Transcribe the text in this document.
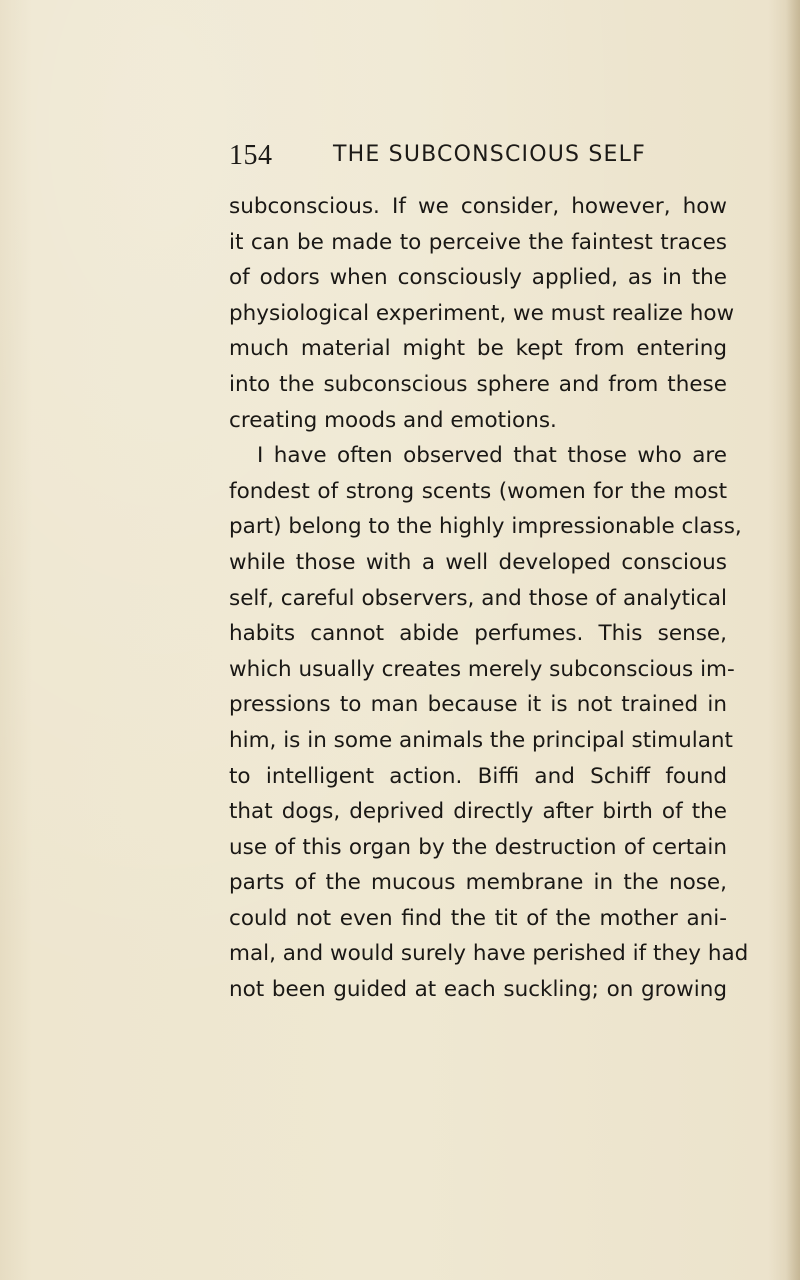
154	THE SUBCONSCIOUS SELF
subconscious. If we consider, however, how
it can be made to perceive the faintest traces
of odors when consciously applied, as in the
physiological experiment, we must realize how
much material might be kept from entering
into the subconscious sphere and from these
creating moods and emotions.
I have often observed that those who are
fondest of strong scents (women for the most
part) belong to the highly impressionable class,
while those with a well developed conscious
self, careful observers, and those of analytical
habits cannot abide perfumes. This sense,
which usually creates merely subconscious im-
pressions to man because it is not trained in
him, is in some animals the principal stimulant
to intelligent action. Biffi and Schiff found
that dogs, deprived directly after birth of the
use of this organ by the destruction of certain
parts of the mucous membrane in the nose,
could not even find the tit of the mother ani-
mal, and would surely have perished if they had
not been guided at each suckling; on growing
